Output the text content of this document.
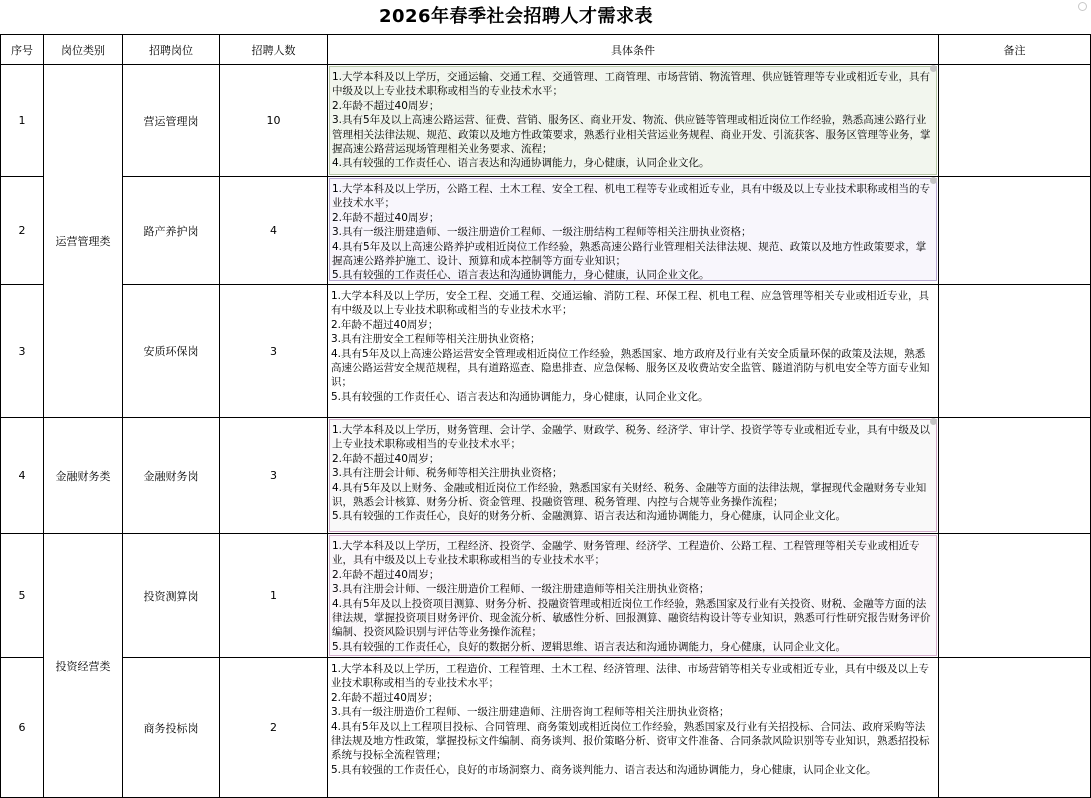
2026年春季社会招聘人才需求表
序号	岗位类别	招聘岗位	招聘人数	具体条件	备注
1	运营管理类	营运管理岗	10	1.大学本科及以上学历，交通运输、交通工程、交通管理、工商管理、市场营销、物流管理、供应链管理等专业或相近专业，具有中级及以上专业技术职称或相当的专业技术水平；

2.年龄不超过40周岁；

3.具有5年及以上高速公路运营、征费、营销、服务区、商业开发、物流、供应链等管理或相近岗位工作经验，熟悉高速公路行业管理相关法律法规、规范、政策以及地方性政策要求，熟悉行业相关营运业务规程、商业开发、引流获客、服务区管理等业务，掌握高速公路营运现场管理相关业务要求、流程；

4.具有较强的工作责任心、语言表达和沟通协调能力，身心健康，认同企业文化。	

2		路产养护岗	4	1.大学本科及以上学历，公路工程、土木工程、安全工程、机电工程等专业或相近专业，具有中级及以上专业技术职称或相当的专业技术水平；

2.年龄不超过40周岁；

3.具有一级注册建造师、一级注册造价工程师、一级注册结构工程师等相关注册执业资格；

4.具有5年及以上高速公路养护或相近岗位工作经验，熟悉高速公路行业管理相关法律法规、规范、政策以及地方性政策要求，掌握高速公路养护施工、设计、预算和成本控制等方面专业知识；

5.具有较强的工作责任心、语言表达和沟通协调能力，身心健康，认同企业文化。	

3		安质环保岗	3	1.大学本科及以上学历，安全工程、交通工程、交通运输、消防工程、环保工程、机电工程、应急管理等相关专业或相近专业，具有中级及以上专业技术职称或相当的专业技术水平；

2.年龄不超过40周岁；

3.具有注册安全工程师等相关注册执业资格；

4.具有5年及以上高速公路运营安全管理或相近岗位工作经验，熟悉国家、地方政府及行业有关安全质量环保的政策及法规，熟悉高速公路运营安全规范规程，具有道路巡查、隐患排查、应急保畅、服务区及收费站安全监管、隧道消防与机电安全等方面专业知识；

5.具有较强的工作责任心、语言表达和沟通协调能力，身心健康，认同企业文化。	

4	金融财务类	金融财务岗	3	1.大学本科及以上学历，财务管理、会计学、金融学、财政学、税务、经济学、审计学、投资学等专业或相近专业，具有中级及以上专业技术职称或相当的专业技术水平；

2.年龄不超过40周岁；

3.具有注册会计师、税务师等相关注册执业资格；

4.具有5年及以上财务、金融或相近岗位工作经验，熟悉国家有关财经、税务、金融等方面的法律法规，掌握现代金融财务专业知识，熟悉会计核算、财务分析、资金管理、投融资管理、税务管理、内控与合规等业务操作流程；

5.具有较强的工作责任心，良好的财务分析、金融测算、语言表达和沟通协调能力，身心健康，认同企业文化。	

5	投资经营类	投资测算岗	1	1.大学本科及以上学历，工程经济、投资学、金融学、财务管理、经济学、工程造价、公路工程、工程管理等相关专业或相近专业，具有中级及以上专业技术职称或相当的专业技术水平；

2.年龄不超过40周岁；

3.具有注册会计师、一级注册造价工程师、一级注册建造师等相关注册执业资格；

4.具有5年及以上投资项目测算、财务分析、投融资管理或相近岗位工作经验，熟悉国家及行业有关投资、财税、金融等方面的法律法规，掌握投资项目财务评价、现金流分析、敏感性分析、回报测算、融资结构设计等专业知识，熟悉可行性研究报告财务评价编制、投资风险识别与评估等业务操作流程；

5.具有较强的工作责任心，良好的数据分析、逻辑思维、语言表达和沟通协调能力，身心健康，认同企业文化。	

6		商务投标岗	2	1.大学本科及以上学历，工程造价、工程管理、土木工程、经济管理、法律、市场营销等相关专业或相近专业，具有中级及以上专业技术职称或相当的专业技术水平；

2.年龄不超过40周岁；

3.具有一级注册造价工程师、一级注册建造师、注册咨询工程师等相关注册执业资格；

4.具有5年及以上工程项目投标、合同管理、商务策划或相近岗位工作经验，熟悉国家及行业有关招投标、合同法、政府采购等法律法规及地方性政策，掌握投标文件编制、商务谈判、报价策略分析、资审文件准备、合同条款风险识别等专业知识，熟悉招投标系统与投标全流程管理；

5.具有较强的工作责任心，良好的市场洞察力、商务谈判能力、语言表达和沟通协调能力，身心健康，认同企业文化。	
